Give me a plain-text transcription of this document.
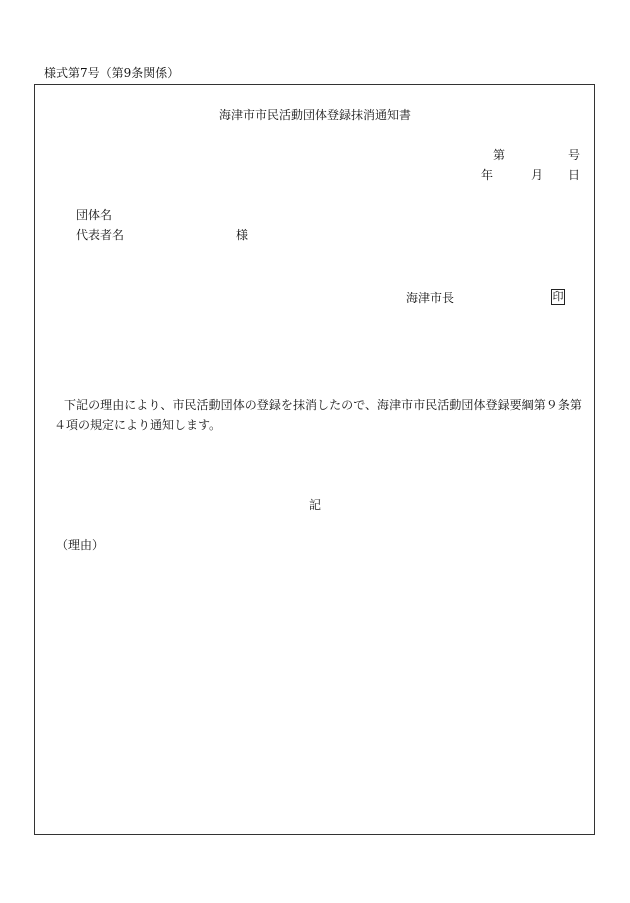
様式第7号（第9条関係）
海津市市民活動団体登録抹消通知書
第	号
年	月 日
団体名
代表者名	様
海津市長	印
下記の理由により、市民活動団体の登録を抹消したので、海津市市民活動団体登録要綱第９条第
４項の規定により通知します。
記
（理由）
